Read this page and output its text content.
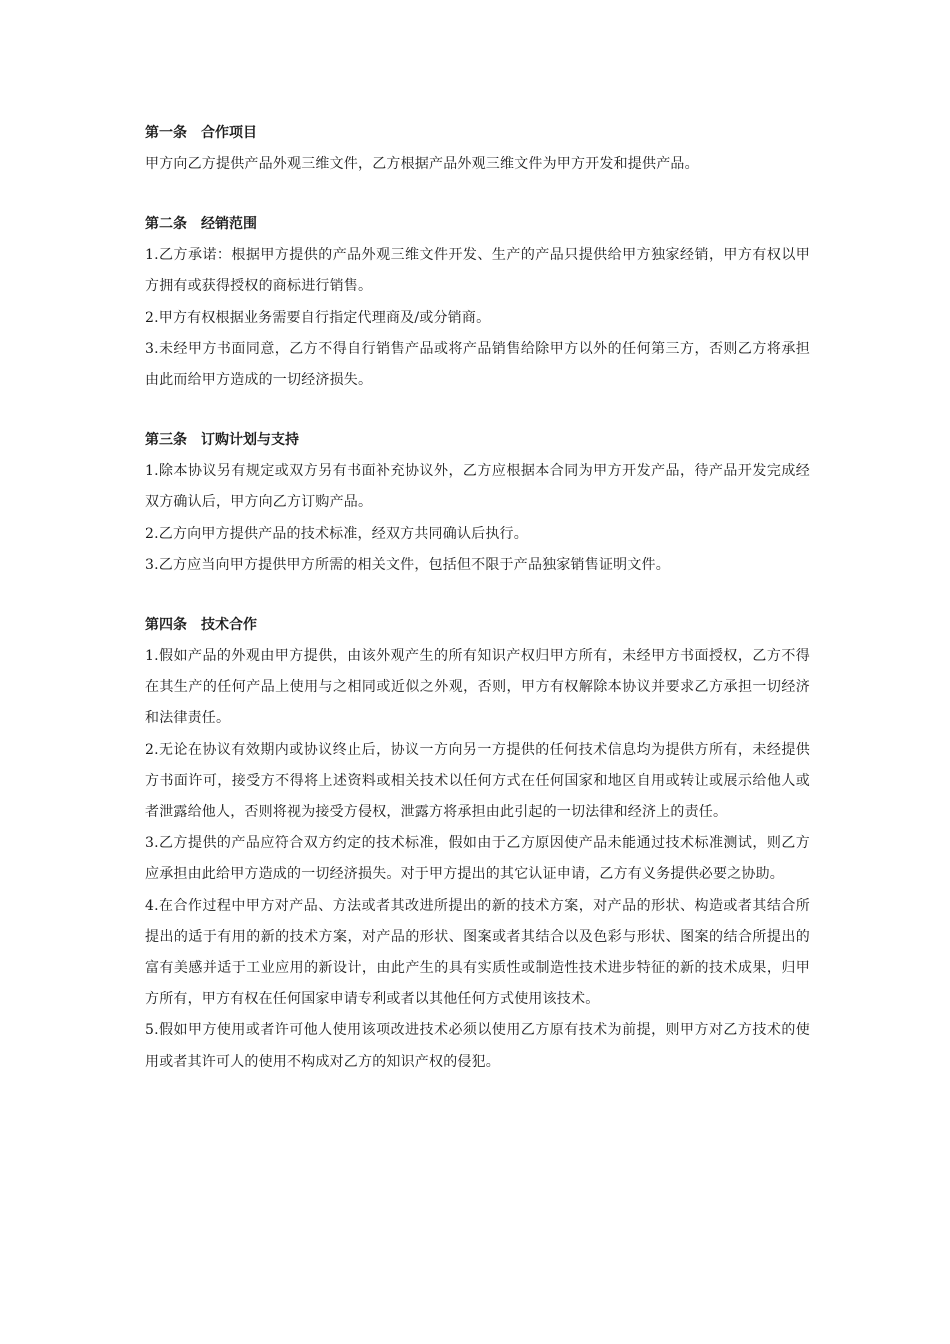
第一条　合作项目

甲方向乙方提供产品外观三维文件，乙方根据产品外观三维文件为甲方开发和提供产品。

第二条　经销范围

1.乙方承诺：根据甲方提供的产品外观三维文件开发、生产的产品只提供给甲方独家经销，甲方有权以甲方拥有或获得授权的商标进行销售。

2.甲方有权根据业务需要自行指定代理商及/或分销商。

3.未经甲方书面同意，乙方不得自行销售产品或将产品销售给除甲方以外的任何第三方，否则乙方将承担由此而给甲方造成的一切经济损失。

第三条　订购计划与支持

1.除本协议另有规定或双方另有书面补充协议外，乙方应根据本合同为甲方开发产品，待产品开发完成经双方确认后，甲方向乙方订购产品。

2.乙方向甲方提供产品的技术标准，经双方共同确认后执行。

3.乙方应当向甲方提供甲方所需的相关文件，包括但不限于产品独家销售证明文件。

第四条　技术合作

1.假如产品的外观由甲方提供，由该外观产生的所有知识产权归甲方所有，未经甲方书面授权，乙方不得在其生产的任何产品上使用与之相同或近似之外观，否则，甲方有权解除本协议并要求乙方承担一切经济和法律责任。

2.无论在协议有效期内或协议终止后，协议一方向另一方提供的任何技术信息均为提供方所有，未经提供方书面许可，接受方不得将上述资料或相关技术以任何方式在任何国家和地区自用或转让或展示给他人或者泄露给他人，否则将视为接受方侵权，泄露方将承担由此引起的一切法律和经济上的责任。

3.乙方提供的产品应符合双方约定的技术标准，假如由于乙方原因使产品未能通过技术标准测试，则乙方应承担由此给甲方造成的一切经济损失。对于甲方提出的其它认证申请，乙方有义务提供必要之协助。

4.在合作过程中甲方对产品、方法或者其改进所提出的新的技术方案，对产品的形状、构造或者其结合所提出的适于有用的新的技术方案，对产品的形状、图案或者其结合以及色彩与形状、图案的结合所提出的富有美感并适于工业应用的新设计，由此产生的具有实质性或制造性技术进步特征的新的技术成果，归甲方所有，甲方有权在任何国家申请专利或者以其他任何方式使用该技术。

5.假如甲方使用或者许可他人使用该项改进技术必须以使用乙方原有技术为前提，则甲方对乙方技术的使用或者其许可人的使用不构成对乙方的知识产权的侵犯。
